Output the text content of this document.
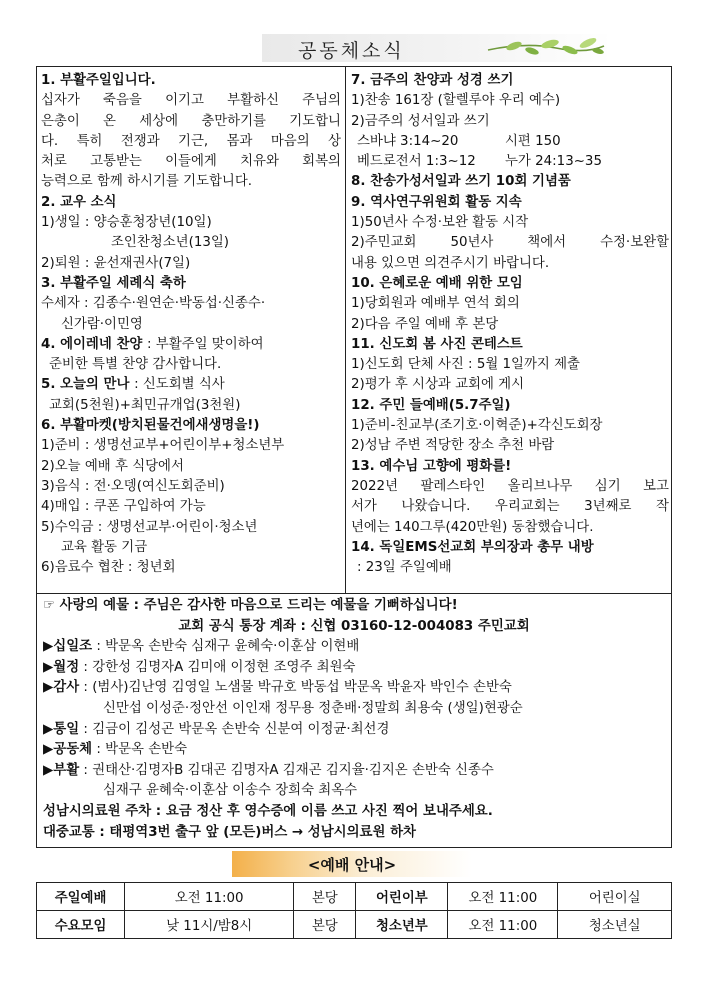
공동체소식
1. 부활주일입니다.
십자가 죽음을 이기고 부활하신 주님의
은총이 온 세상에 충만하기를 기도합니
다. 특히 전쟁과 기근, 몸과 마음의 상
처로 고통받는 이들에게 치유와 회복의
능력으로 함께 하시기를 기도합니다.
2. 교우 소식
1)생일 : 양승훈청장년(10일)
조인찬청소년(13일)
2)퇴원 : 윤선재권사(7일)
3. 부활주일 세례식 축하
수세자 : 김종수·원연순·박동섭·신종수·
신가람·이민영
4. 에이레네 찬양 : 부활주일 맞이하여
준비한 특별 찬양 감사합니다.
5. 오늘의 만나 : 신도회별 식사
교회(5천원)+최민규개업(3천원)
6. 부활마켓(방치된물건에새생명을!)
1)준비 : 생명선교부+어린이부+청소년부
2)오늘 예배 후 식당에서
3)음식 : 전·오뎅(여신도회준비)
4)매입 : 쿠폰 구입하여 가능
5)수익금 : 생명선교부·어린이·청소년
교육 활동 기금
6)음료수 협찬 : 청년회
7. 금주의 찬양과 성경 쓰기
1)찬송 161장 (할렐루야 우리 예수)
2)금주의 성서일과 쓰기
스바냐 3:14~20	시편 150
베드로전서 1:3~12 누가 24:13~35
8. 찬송가성서일과 쓰기 10회 기념품
9. 역사연구위원회 활동 지속
1)50년사 수정·보완 활동 시작
2)주민교회 50년사 책에서 수정·보완할
내용 있으면 의견주시기 바랍니다.
10. 은혜로운 예배 위한 모임
1)당회원과 예배부 연석 회의
2)다음 주일 예배 후 본당
11. 신도회 봄 사진 콘테스트
1)신도회 단체 사진 : 5월 1일까지 제출
2)평가 후 시상과 교회에 게시
12. 주민 들예배(5.7주일)
1)준비-친교부(조기호·이혁준)+각신도회장
2)성남 주변 적당한 장소 추천 바람
13. 예수님 고향에 평화를!
2022년 팔레스타인 올리브나무 심기 보고
서가 나왔습니다. 우리교회는 3년째로 작
년에는 140그루(420만원) 동참했습니다.
14. 독일EMS선교회 부의장과 총무 내방
: 23일 주일예배
☞ 사랑의 예물 : 주님은 감사한 마음으로 드리는 예물을 기뻐하십니다!
교회 공식 통장 계좌 : 신협 03160-12-004083 주민교회
▶십일조 : 박문옥 손반숙 심재구 윤혜숙·이훈삼 이현배
▶월정 : 강한성 김명자A 김미애 이정현 조영주 최원숙
▶감사 : (범사)김난영 김영일 노샘물 박규호 박동섭 박문옥 박윤자 박인수 손반숙
신만섭 이성준·정안선 이인재 정무용 정춘배·정말희 최용숙 (생일)현광순
▶통일 : 김금이 김성곤 박문옥 손반숙 신분여 이정균·최선경
▶공동체 : 박문옥 손반숙
▶부활 : 권태산·김명자B 김대곤 김명자A 김재곤 김지율·김지온 손반숙 신종수
심재구 윤혜숙·이훈삼 이송수 장희숙 최옥수
성남시의료원 주차 : 요금 정산 후 영수증에 이름 쓰고 사진 찍어 보내주세요.
대중교통 : 태평역3번 출구 앞 (모든)버스 → 성남시의료원 하차
<예배 안내>
주일예배	오전 11:00	본당	어린이부	오전 11:00	어린이실
수요모임	낮 11시/밤8시	본당	청소년부	오전 11:00	청소년실
